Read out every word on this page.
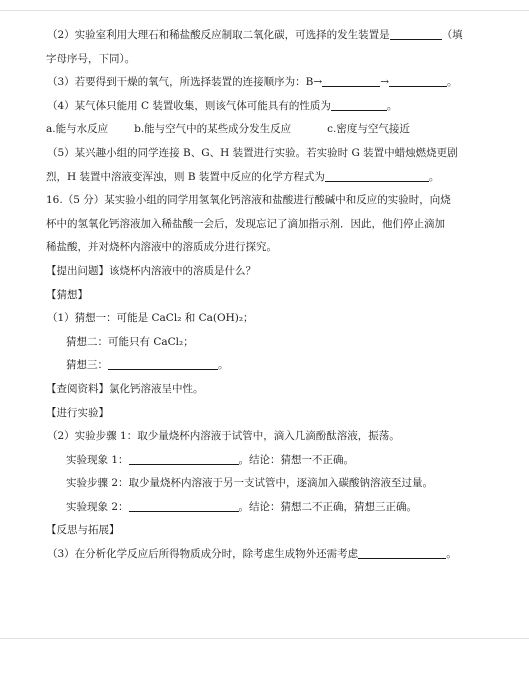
（2）实验室利用大理石和稀盐酸反应制取二氧化碳，可选择的发生装置是	（填
字母序号，下同）。
（3）若要得到干燥的氧气，所选择装置的连接顺序为：B→	→	。
（4）某气体只能用 C 装置收集，则该气体可能具有的性质为	。
a.能与水反应 b.能与空气中的某些成分发生反应	c.密度与空气接近
（5）某兴趣小组的同学连接 B、G、H 装置进行实验。若实验时 G 装置中蜡烛燃烧更剧
烈，H 装置中溶液变浑浊，则 B 装置中反应的化学方程式为	。
16.（5 分）某实验小组的同学用氢氧化钙溶液和盐酸进行酸碱中和反应的实验时，向烧
杯中的氢氧化钙溶液加入稀盐酸一会后，发现忘记了滴加指示剂．因此，他们停止滴加
稀盐酸，并对烧杯内溶液中的溶质成分进行探究。
【提出问题】该烧杯内溶液中的溶质是什么？
【猜想】
（1）猜想一：可能是 CaCl₂ 和 Ca(OH)₂；
猜想二：可能只有 CaCl₂；
猜想三：	。
【查阅资料】氯化钙溶液呈中性。
【进行实验】
（2）实验步骤 1：取少量烧杯内溶液于试管中，滴入几滴酚酞溶液，振荡。
实验现象 1：	。结论：猜想一不正确。
实验步骤 2：取少量烧杯内溶液于另一支试管中，逐滴加入碳酸钠溶液至过量。
实验现象 2：	。结论：猜想二不正确，猜想三正确。
【反思与拓展】
（3）在分析化学反应后所得物质成分时，除考虑生成物外还需考虑	。
